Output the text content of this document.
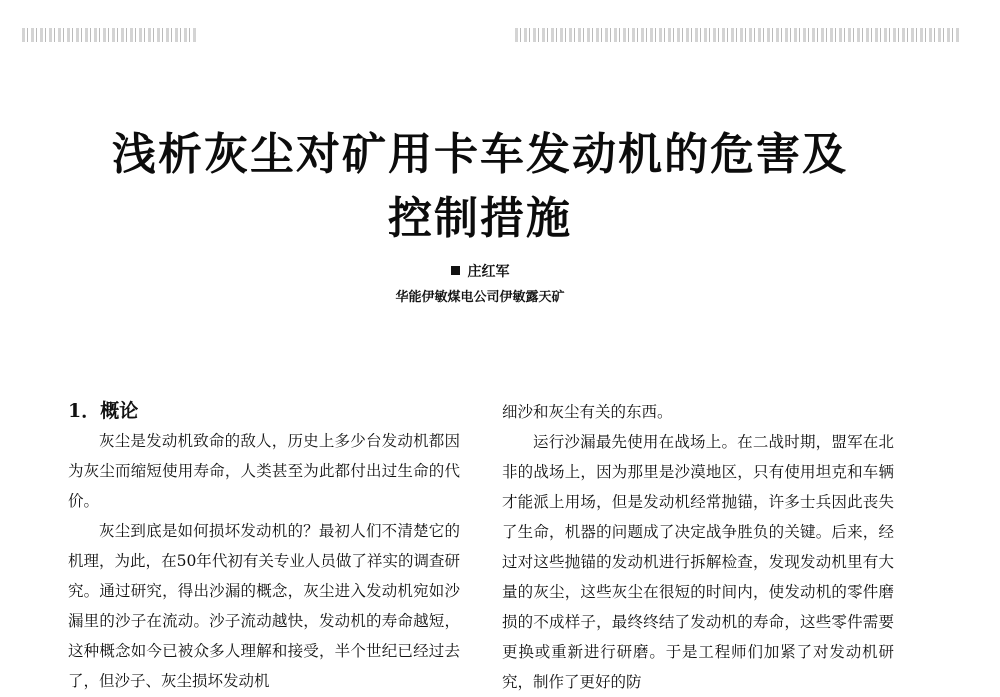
浅析灰尘对矿用卡车发动机的危害及
控制措施
庄红军
华能伊敏煤电公司伊敏露天矿
1．概论

灰尘是发动机致命的敌人，历史上多少台发动机都因为灰尘而缩短使用寿命，人类甚至为此都付出过生命的代价。

灰尘到底是如何损坏发动机的？最初人们不清楚它的机理，为此，在50年代初有关专业人员做了祥实的调查研究。通过研究，得出沙漏的概念，灰尘进入发动机宛如沙漏里的沙子在流动。沙子流动越快，发动机的寿命越短，这种概念如今已被众多人理解和接受，半个世纪已经过去了，但沙子、灰尘损坏发动机

细沙和灰尘有关的东西。

运行沙漏最先使用在战场上。在二战时期，盟军在北非的战场上，因为那里是沙漠地区，只有使用坦克和车辆才能派上用场，但是发动机经常抛锚，许多士兵因此丧失了生命，机器的问题成了决定战争胜负的关键。后来，经过对这些抛锚的发动机进行拆解检查，发现发动机里有大量的灰尘，这些灰尘在很短的时间内，使发动机的零件磨损的不成样子，最终终结了发动机的寿命，这些零件需要更换或重新进行研磨。于是工程师们加紧了对发动机研究，制作了更好的防
